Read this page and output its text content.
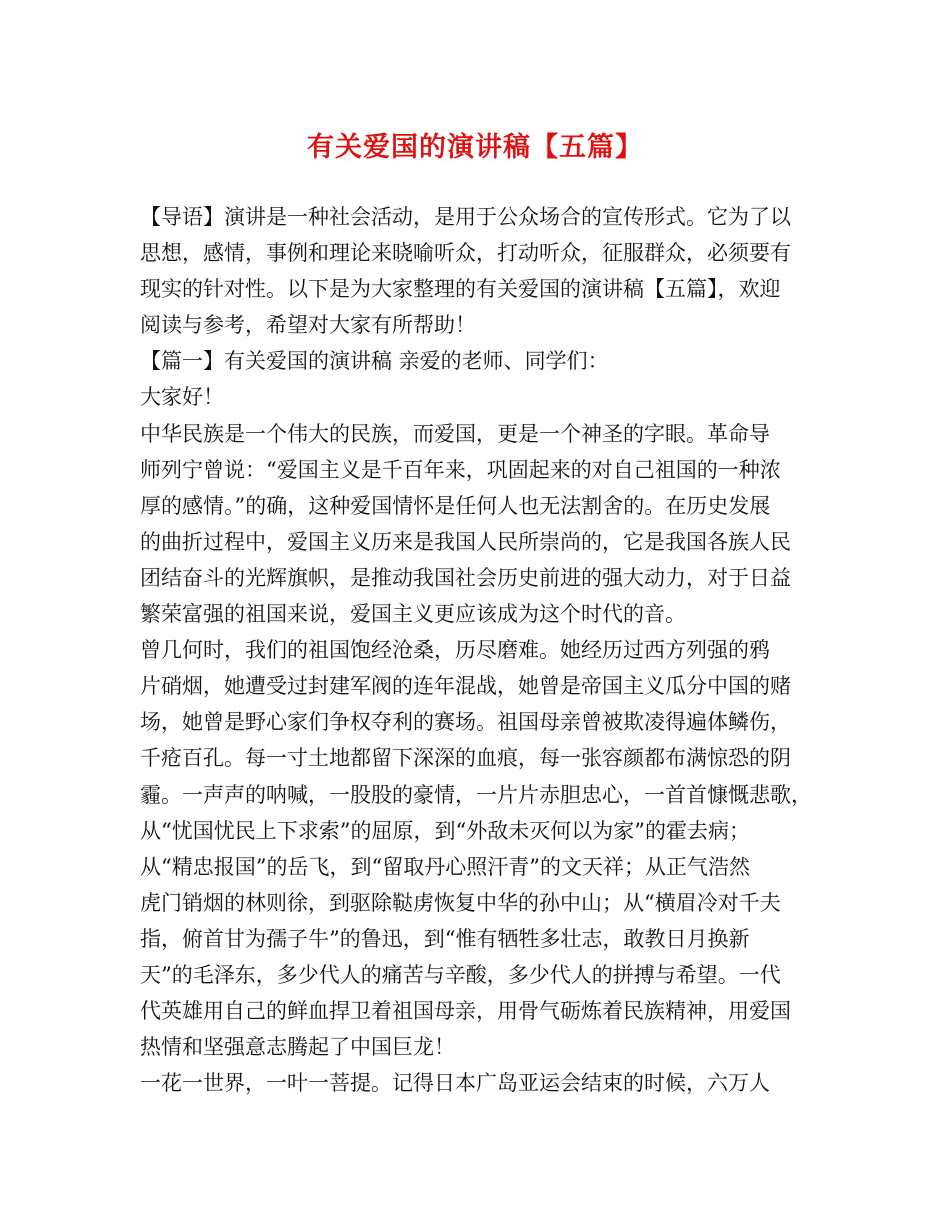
有关爱国的演讲稿【五篇】
【导语】演讲是一种社会活动，是用于公众场合的宣传形式。它为了以
思想，感情，事例和理论来晓喻听众，打动听众，征服群众，必须要有
现实的针对性。以下是为大家整理的有关爱国的演讲稿【五篇】，欢迎
阅读与参考，希望对大家有所帮助！
【篇一】有关爱国的演讲稿 亲爱的老师、同学们：
大家好！
中华民族是一个伟大的民族，而爱国，更是一个神圣的字眼。革命导
师列宁曾说：“爱国主义是千百年来，巩固起来的对自己祖国的一种浓
厚的感情。”的确，这种爱国情怀是任何人也无法割舍的。在历史发展
的曲折过程中，爱国主义历来是我国人民所崇尚的，它是我国各族人民
团结奋斗的光辉旗帜，是推动我国社会历史前进的强大动力，对于日益
繁荣富强的祖国来说，爱国主义更应该成为这个时代的音。
曾几何时，我们的祖国饱经沧桑，历尽磨难。她经历过西方列强的鸦
片硝烟，她遭受过封建军阀的连年混战，她曾是帝国主义瓜分中国的赌
场，她曾是野心家们争权夺利的赛场。祖国母亲曾被欺凌得遍体鳞伤，
千疮百孔。每一寸土地都留下深深的血痕，每一张容颜都布满惊恐的阴
霾。一声声的呐喊，一股股的豪情，一片片赤胆忠心，一首首慷慨悲歌，
从“忧国忧民上下求索”的屈原，到“外敌未灭何以为家”的霍去病；
从“精忠报国”的岳飞，到“留取丹心照汗青”的文天祥；从正气浩然
虎门销烟的林则徐，到驱除鞑虏恢复中华的孙中山；从“横眉冷对千夫
指，俯首甘为孺子牛”的鲁迅，到“惟有牺牲多壮志，敢教日月换新
天”的毛泽东，多少代人的痛苦与辛酸，多少代人的拼搏与希望。一代
代英雄用自己的鲜血捍卫着祖国母亲，用骨气砺炼着民族精神，用爱国
热情和坚强意志腾起了中国巨龙！
一花一世界，一叶一菩提。记得日本广岛亚运会结束的时候，六万人
